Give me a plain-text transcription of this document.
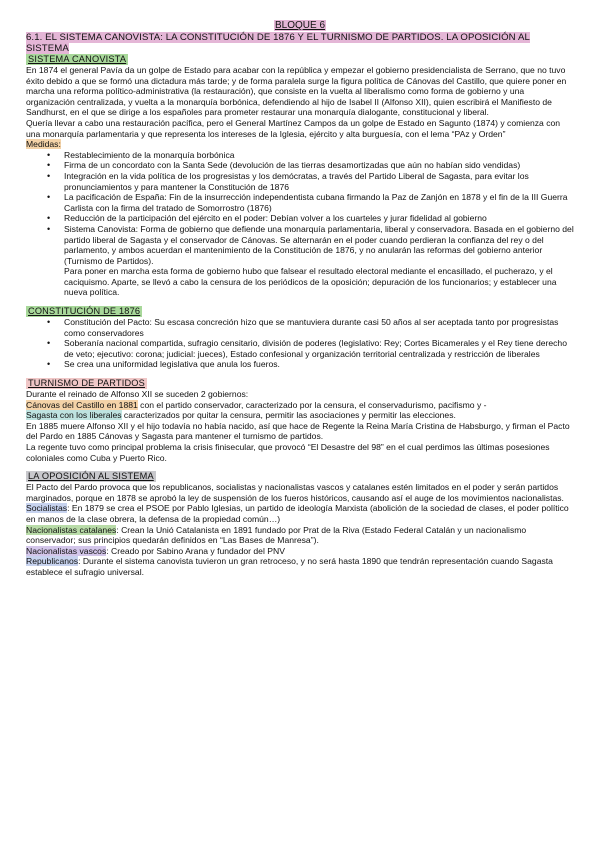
BLOQUE 6

6.1. EL SISTEMA CANOVISTA: LA CONSTITUCIÓN DE 1876 Y EL TURNISMO DE PARTIDOS. LA OPOSICIÓN AL SISTEMA

SISTEMA CANOVISTA

En 1874 el general Pavía da un golpe de Estado para acabar con la república y empezar el gobierno presidencialista de Serrano, que no tuvo éxito debido a que se formó una dictadura más tarde; y de forma paralela surge la figura política de Cánovas del Castillo, que quiere poner en marcha una reforma político-administrativa (la restauración), que consiste en la vuelta al liberalismo como forma de gobierno y una organización centralizada, y vuelta a la monarquía borbónica, defendiendo al hijo de Isabel II (Alfonso XII), quien escribirá el Manifiesto de Sandhurst, en el que se dirige a los españoles para prometer restaurar una monarquía dialogante, constitucional y liberal.

Quería llevar a cabo una restauración pacífica, pero el General Martínez Campos da un golpe de Estado en Sagunto (1874) y comienza con una monarquía parlamentaria y que representa los intereses de la Iglesia, ejército y alta burguesía, con el lema “PAz y Orden”

Medidas:

• Restablecimiento de la monarquía borbónica
• Firma de un concordato con la Santa Sede (devolución de las tierras desamortizadas que aún no habían sido vendidas)
• Integración en la vida política de los progresistas y los demócratas, a través del Partido Liberal de Sagasta, para evitar los pronunciamientos y para mantener la Constitución de 1876
• La pacificación de España: Fin de la insurrección independentista cubana firmando la Paz de Zanjón en 1878 y el fin de la III Guerra Carlista con la firma del tratado de Somorrostro (1876)
• Reducción de la participación del ejército en el poder: Debían volver a los cuarteles y jurar fidelidad al gobierno
• Sistema Canovista: Forma de gobierno que defiende una monarquía parlamentaria, liberal y conservadora. Basada en el gobierno del partido liberal de Sagasta y el conservador de Cánovas. Se alternarán en el poder cuando perdieran la confianza del rey o del parlamento, y ambos acuerdan el mantenimiento de la Constitución de 1876, y no anularán las reformas del gobierno anterior (Turnismo de Partidos).

Para poner en marcha esta forma de gobierno hubo que falsear el resultado electoral mediante el encasillado, el pucherazo, y el caciquismo. Aparte, se llevó a cabo la censura de los periódicos de la oposición; depuración de los funcionarios; y establecer una nueva política.

CONSTITUCIÓN DE 1876

• Constitución del Pacto: Su escasa concreción hizo que se mantuviera durante casi 50 años al ser aceptada tanto por progresistas como conservadores
• Soberanía nacional compartida, sufragio censitario, división de poderes (legislativo: Rey; Cortes Bicamerales y el Rey tiene derecho de veto; ejecutivo: corona; judicial: jueces), Estado confesional y organización territorial centralizada y restricción de liberales
• Se crea una uniformidad legislativa que anula los fueros.

TURNISMO DE PARTIDOS

Durante el reinado de Alfonso XII se suceden 2 gobiernos:

Cánovas del Castillo en 1881 con el partido conservador, caracterizado por la censura, el conservadurismo, pacifismo y -

Sagasta con los liberales caracterizados por quitar la censura, permitir las asociaciones y permitir las elecciones.

En 1885 muere Alfonso XII y el hijo todavía no había nacido, así que hace de Regente la Reina María Cristina de Habsburgo, y firman el Pacto del Pardo en 1885 Cánovas y Sagasta para mantener el turnismo de partidos.

La regente tuvo como principal problema la crisis finisecular, que provocó “El Desastre del 98” en el cual perdimos las últimas posesiones coloniales como Cuba y Puerto Rico.

LA OPOSICIÓN AL SISTEMA

El Pacto del Pardo provoca que los republicanos, socialistas y nacionalistas vascos y catalanes estén limitados en el poder y serán partidos marginados, porque en 1878 se aprobó la ley de suspensión de los fueros históricos, causando así el auge de los movimientos nacionalistas.

Socialistas: En 1879 se crea el PSOE por Pablo Iglesias, un partido de ideología Marxista (abolición de la sociedad de clases, el poder político en manos de la clase obrera, la defensa de la propiedad común…)

Nacionalistas catalanes: Crean la Unió Catalanista en 1891 fundado por Prat de la Riva (Estado Federal Catalán y un nacionalismo conservador; sus principios quedarán definidos en “Las Bases de Manresa”).

Nacionalistas vascos: Creado por Sabino Arana y fundador del PNV

Republicanos: Durante el sistema canovista tuvieron un gran retroceso, y no será hasta 1890 que tendrán representación cuando Sagasta establece el sufragio universal.
